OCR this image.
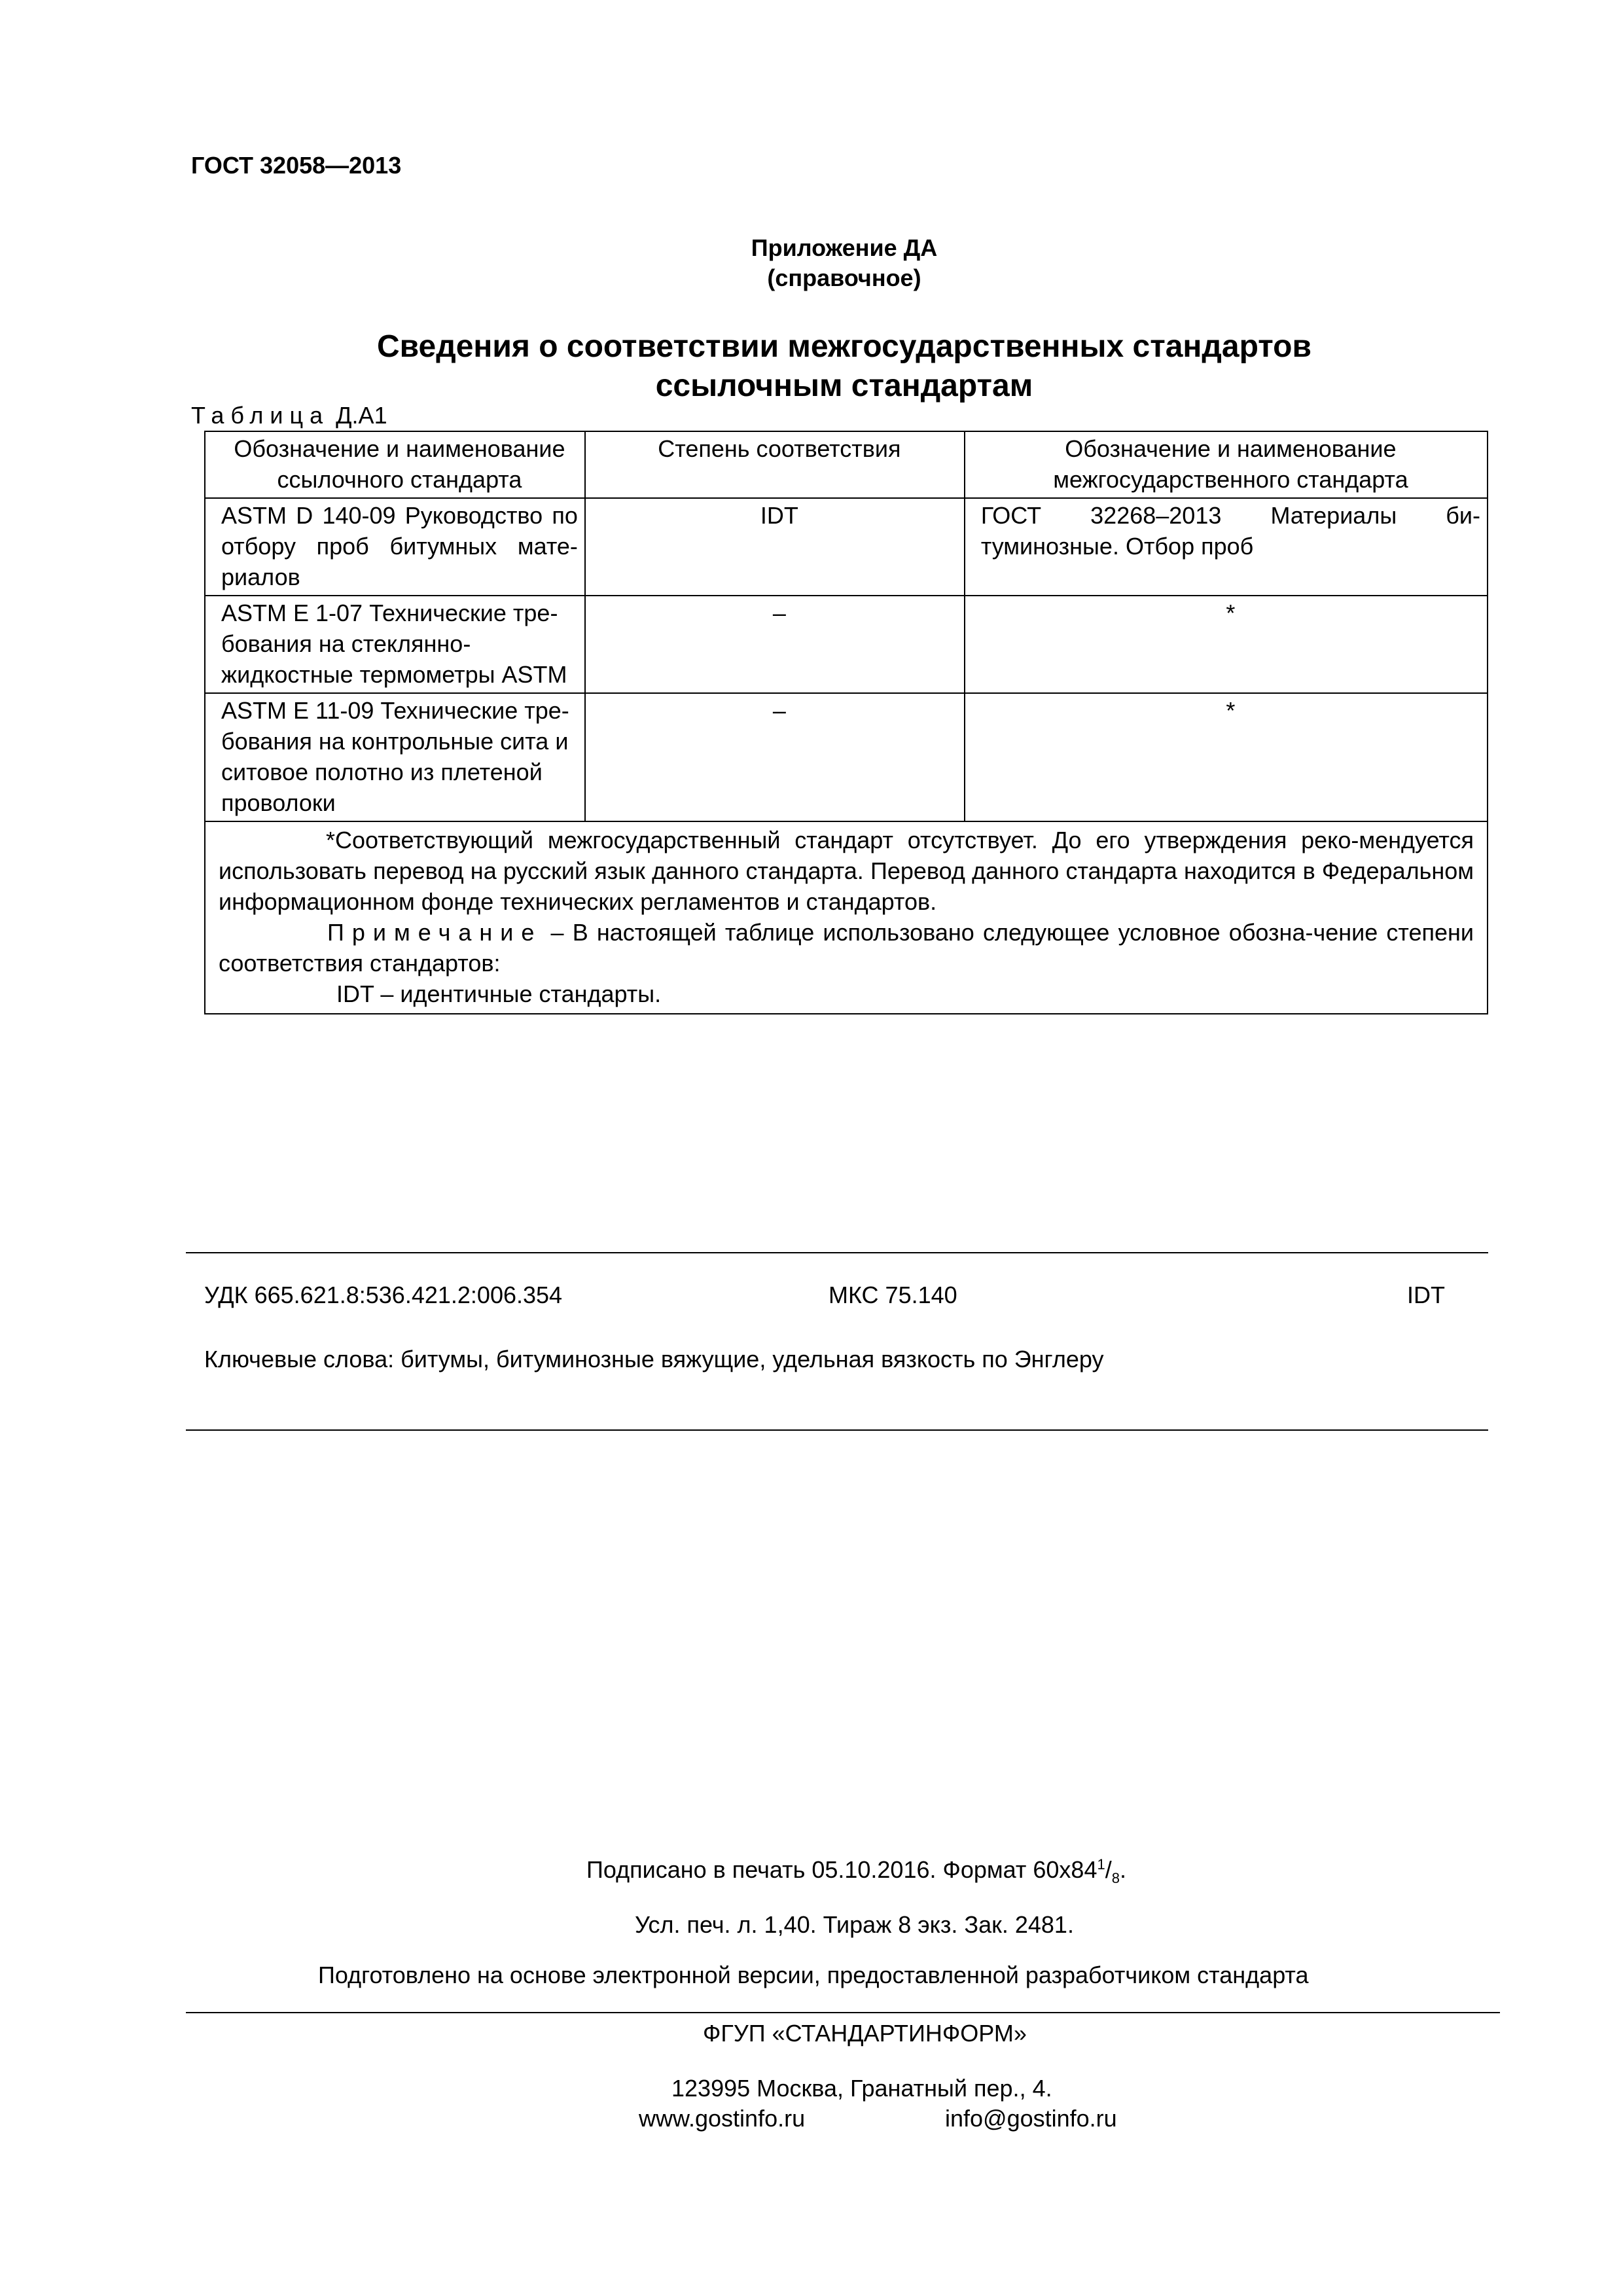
ГОСТ 32058—2013
Приложение ДА
(справочное)
Сведения о соответствии межгосударственных стандартов
ссылочным стандартам
Таблица Д.А1
Обозначение и наименование ссылочного стандарта	Степень соответствия	Обозначение и наименование межгосударственного стандарта
ASTM D 140-09 Руководство по отбору проб битумных мате-риалов	IDT	ГОСТ 32268–2013 Материалы би-туминозные. Отбор проб
ASTM E 1-07 Технические тре-бования на стеклянно-жидкостные термометры ASTM	–	*
ASTM E 11-09 Технические тре-бования на контрольные сита и ситовое полотно из плетеной проволоки	–	*

*Соответствующий межгосударственный стандарт отсутствует. До его утверждения реко-мендуется использовать перевод на русский язык данного стандарта. Перевод данного стандарта находится в Федеральном информационном фонде технических регламентов и стандартов.
Примечание – В настоящей таблице использовано следующее условное обозна-чение степени соответствия стандартов:
IDT – идентичные стандарты.		
УДК 665.621.8:536.421.2:006.354	МКС 75.140	IDT
Ключевые слова: битумы, битуминозные вяжущие, удельная вязкость по Энглеру
Подписано в печать 05.10.2016. Формат $60x84^1/_8$.
Усл. печ. л. 1,40. Тираж 8 экз. Зак. 2481.
Подготовлено на основе электронной версии, предоставленной разработчиком стандарта
ФГУП «СТАНДАРТИНФОРМ»
123995 Москва, Гранатный пер., 4.
www.gostinfo.ru	info@gostinfo.ru
